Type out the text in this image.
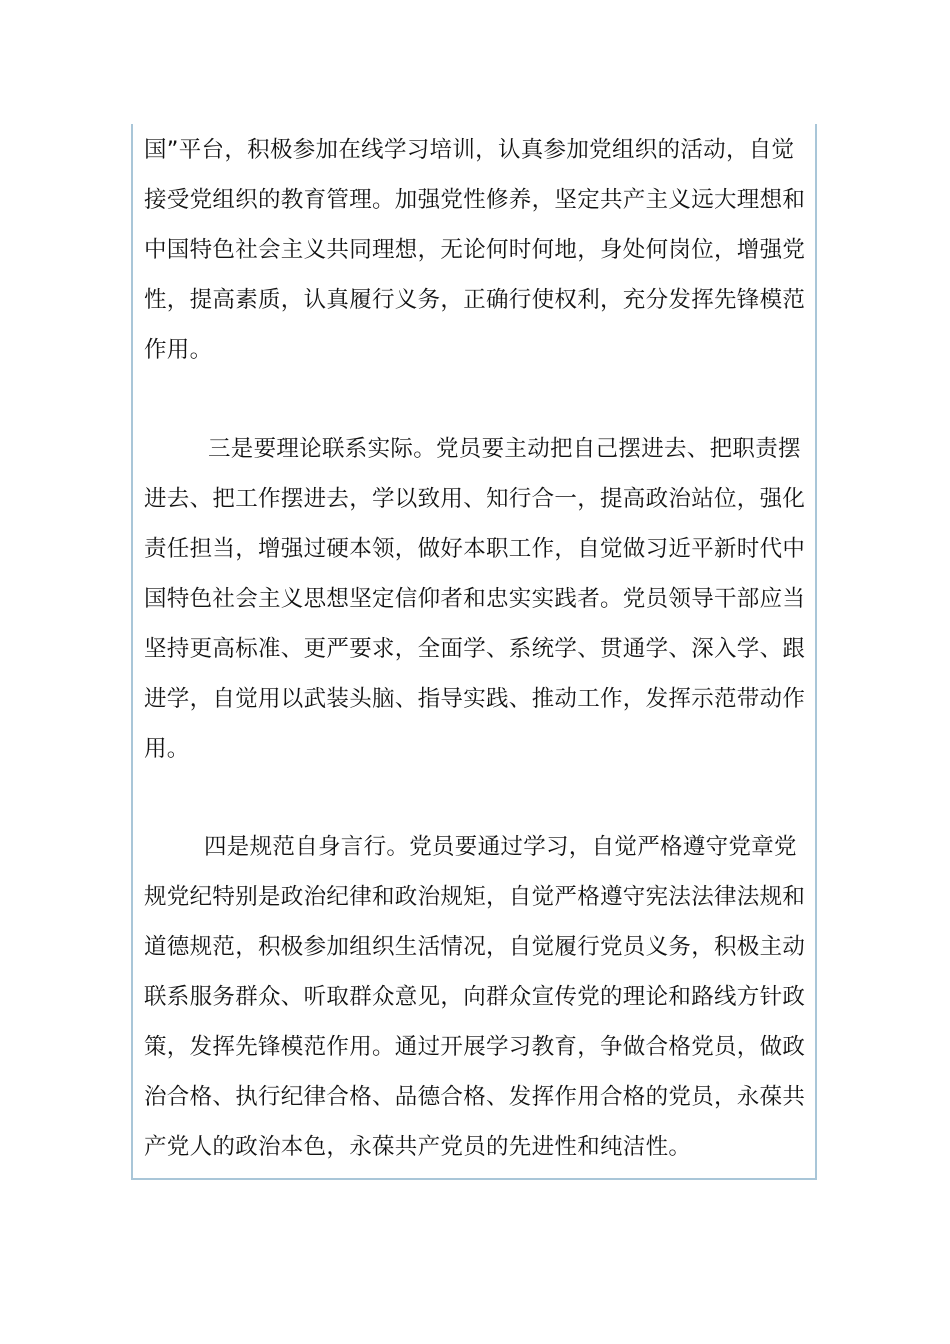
国”平台，积极参加在线学习培训，认真参加党组织的活动，自觉
接受党组织的教育管理。加强党性修养，坚定共产主义远大理想和
中国特色社会主义共同理想，无论何时何地，身处何岗位，增强党
性，提高素质，认真履行义务，正确行使权利，充分发挥先锋模范
作用。
三是要理论联系实际。党员要主动把自己摆进去、把职责摆
进去、把工作摆进去，学以致用、知行合一，提高政治站位，强化
责任担当，增强过硬本领，做好本职工作，自觉做习近平新时代中
国特色社会主义思想坚定信仰者和忠实实践者。党员领导干部应当
坚持更高标准、更严要求，全面学、系统学、贯通学、深入学、跟
进学，自觉用以武装头脑、指导实践、推动工作，发挥示范带动作
用。
四是规范自身言行。党员要通过学习，自觉严格遵守党章党
规党纪特别是政治纪律和政治规矩，自觉严格遵守宪法法律法规和
道德规范，积极参加组织生活情况，自觉履行党员义务，积极主动
联系服务群众、听取群众意见，向群众宣传党的理论和路线方针政
策，发挥先锋模范作用。通过开展学习教育，争做合格党员，做政
治合格、执行纪律合格、品德合格、发挥作用合格的党员，永葆共
产党人的政治本色，永葆共产党员的先进性和纯洁性。
